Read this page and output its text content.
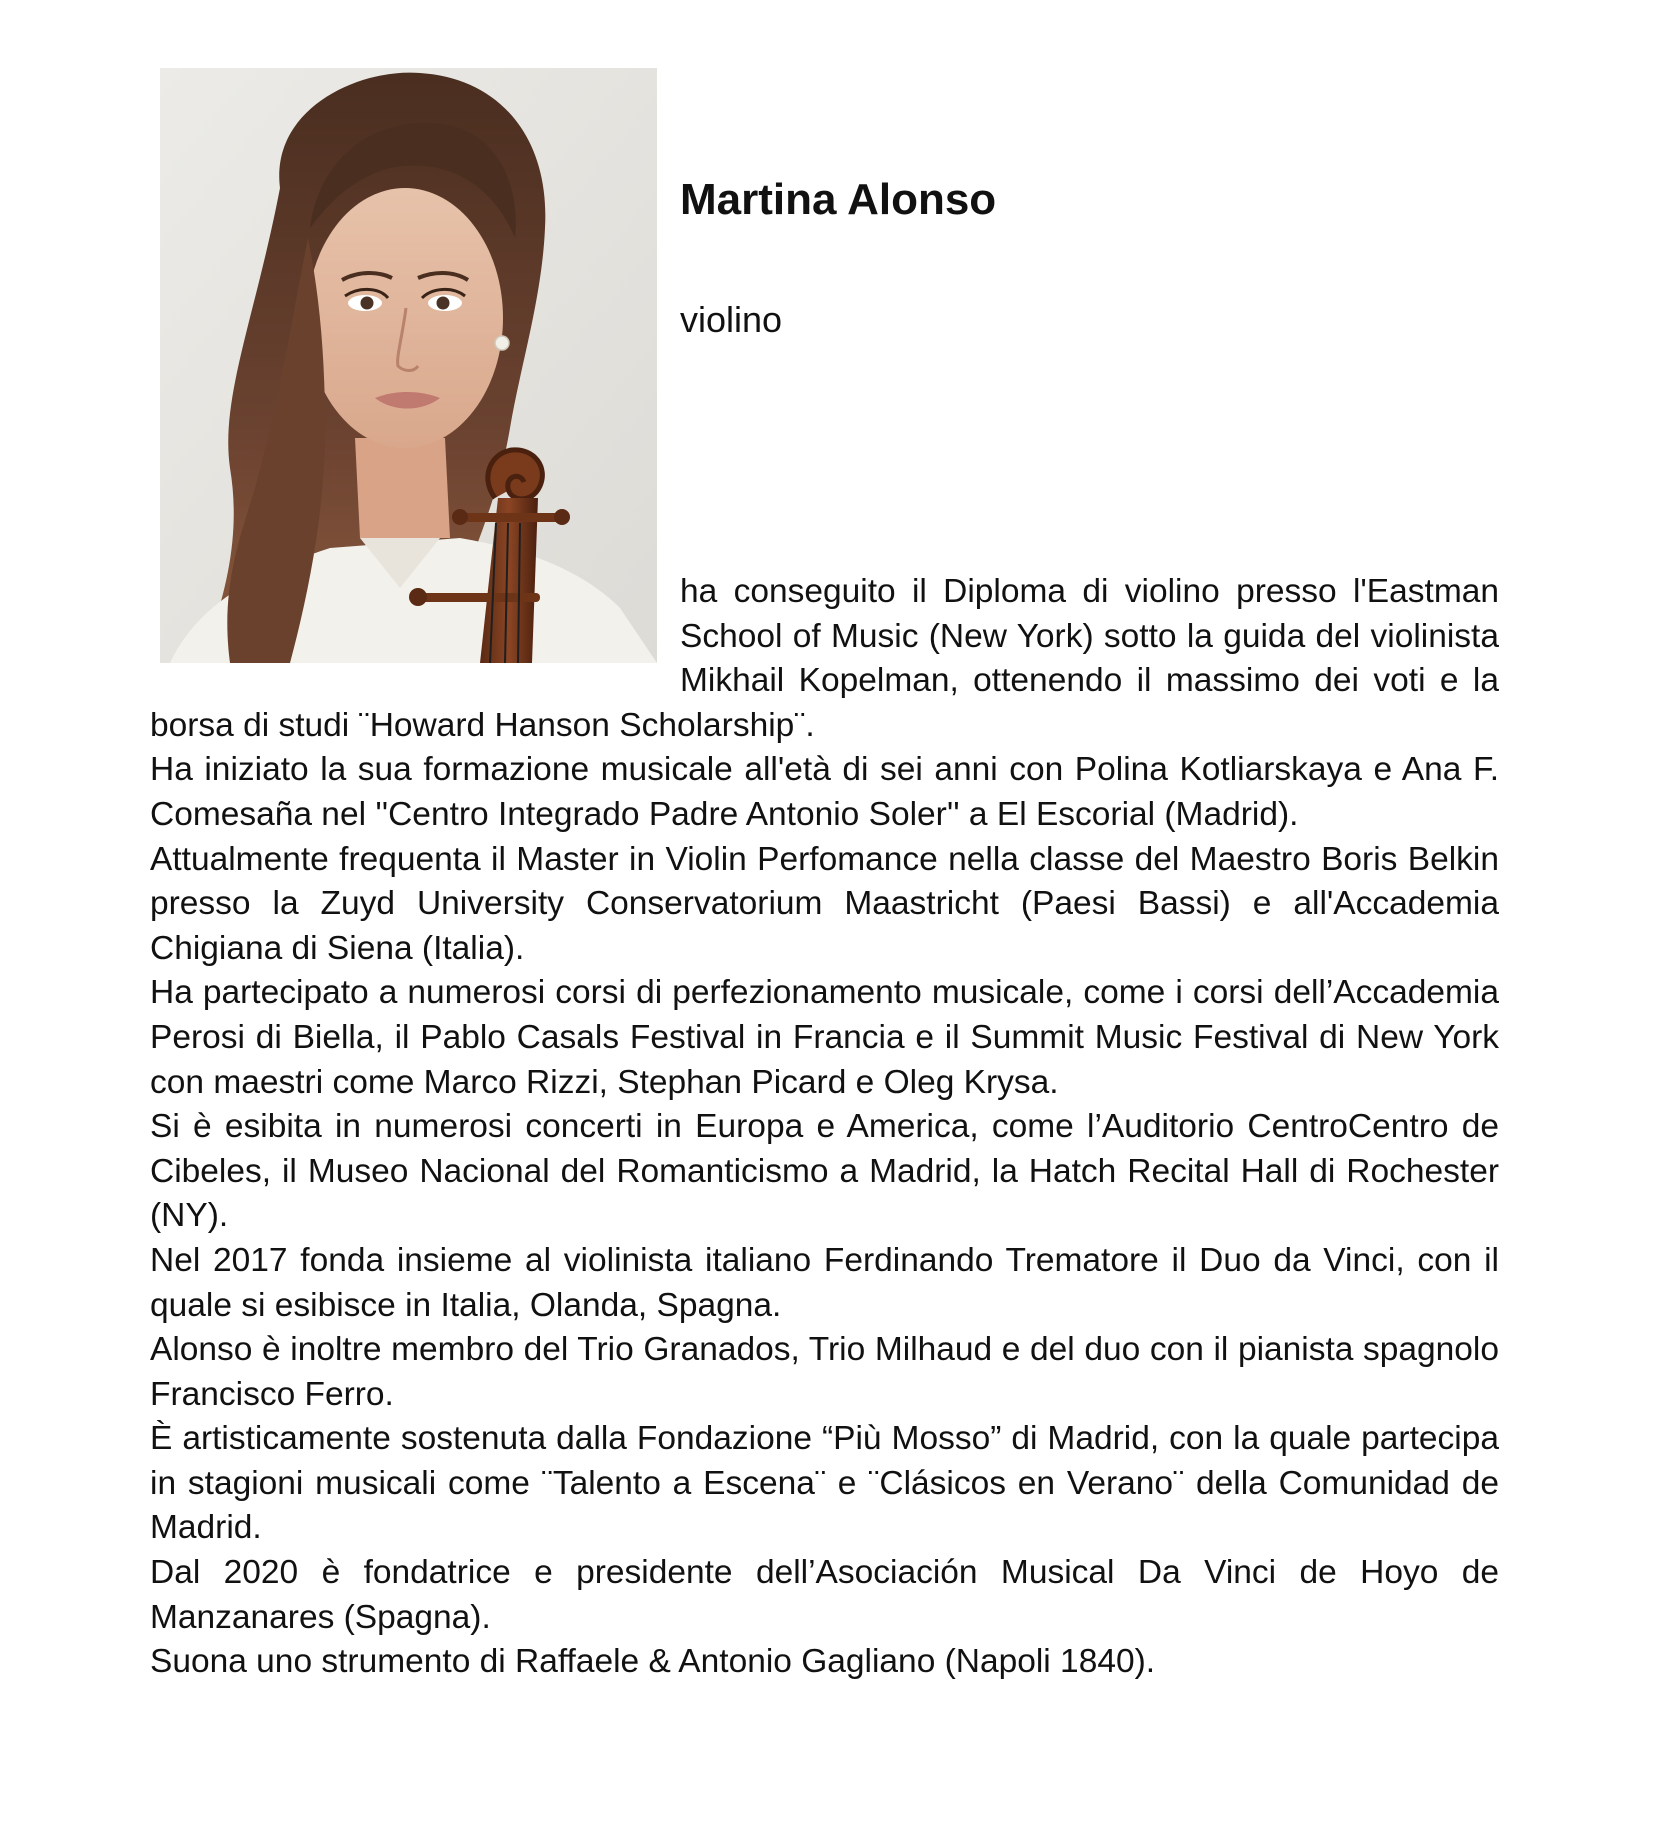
Martina Alonso

violino

ha conseguito il Diploma di violino presso l'Eastman School of Music (New York) sotto la guida del violinista Mikhail Kopelman, ottenendo il massimo dei voti e la borsa di studi ¨Howard Hanson Scholarship¨.

Ha iniziato la sua formazione musicale all'età di sei anni con Polina Kotliarskaya e Ana F. Comesaña nel ''Centro Integrado Padre Antonio Soler'' a El Escorial (Madrid).

Attualmente frequenta il Master in Violin Perfomance nella classe del Maestro Boris Belkin presso la Zuyd University Conservatorium Maastricht (Paesi Bassi) e all'Accademia Chigiana di Siena (Italia).

Ha partecipato a numerosi corsi di perfezionamento musicale, come i corsi dell’Accademia Perosi di Biella, il Pablo Casals Festival in Francia e il Summit Music Festival di New York con maestri come Marco Rizzi, Stephan Picard e Oleg Krysa.

Si è esibita in numerosi concerti in Europa e America, come l’Auditorio CentroCentro de Cibeles, il Museo Nacional del Romanticismo a Madrid, la Hatch Recital Hall di Rochester (NY).

Nel 2017 fonda insieme al violinista italiano Ferdinando Trematore il Duo da Vinci, con il quale si esibisce in Italia, Olanda, Spagna.

Alonso è inoltre membro del Trio Granados, Trio Milhaud e del duo con il pianista spagnolo Francisco Ferro.

È artisticamente sostenuta dalla Fondazione “Più Mosso” di Madrid, con la quale partecipa in stagioni musicali come ¨Talento a Escena¨ e ¨Clásicos en Verano¨ della Comunidad de Madrid.

Dal 2020 è fondatrice e presidente dell’Asociación Musical Da Vinci de Hoyo de Manzanares (Spagna).

Suona uno strumento di Raffaele & Antonio Gagliano (Napoli 1840).
